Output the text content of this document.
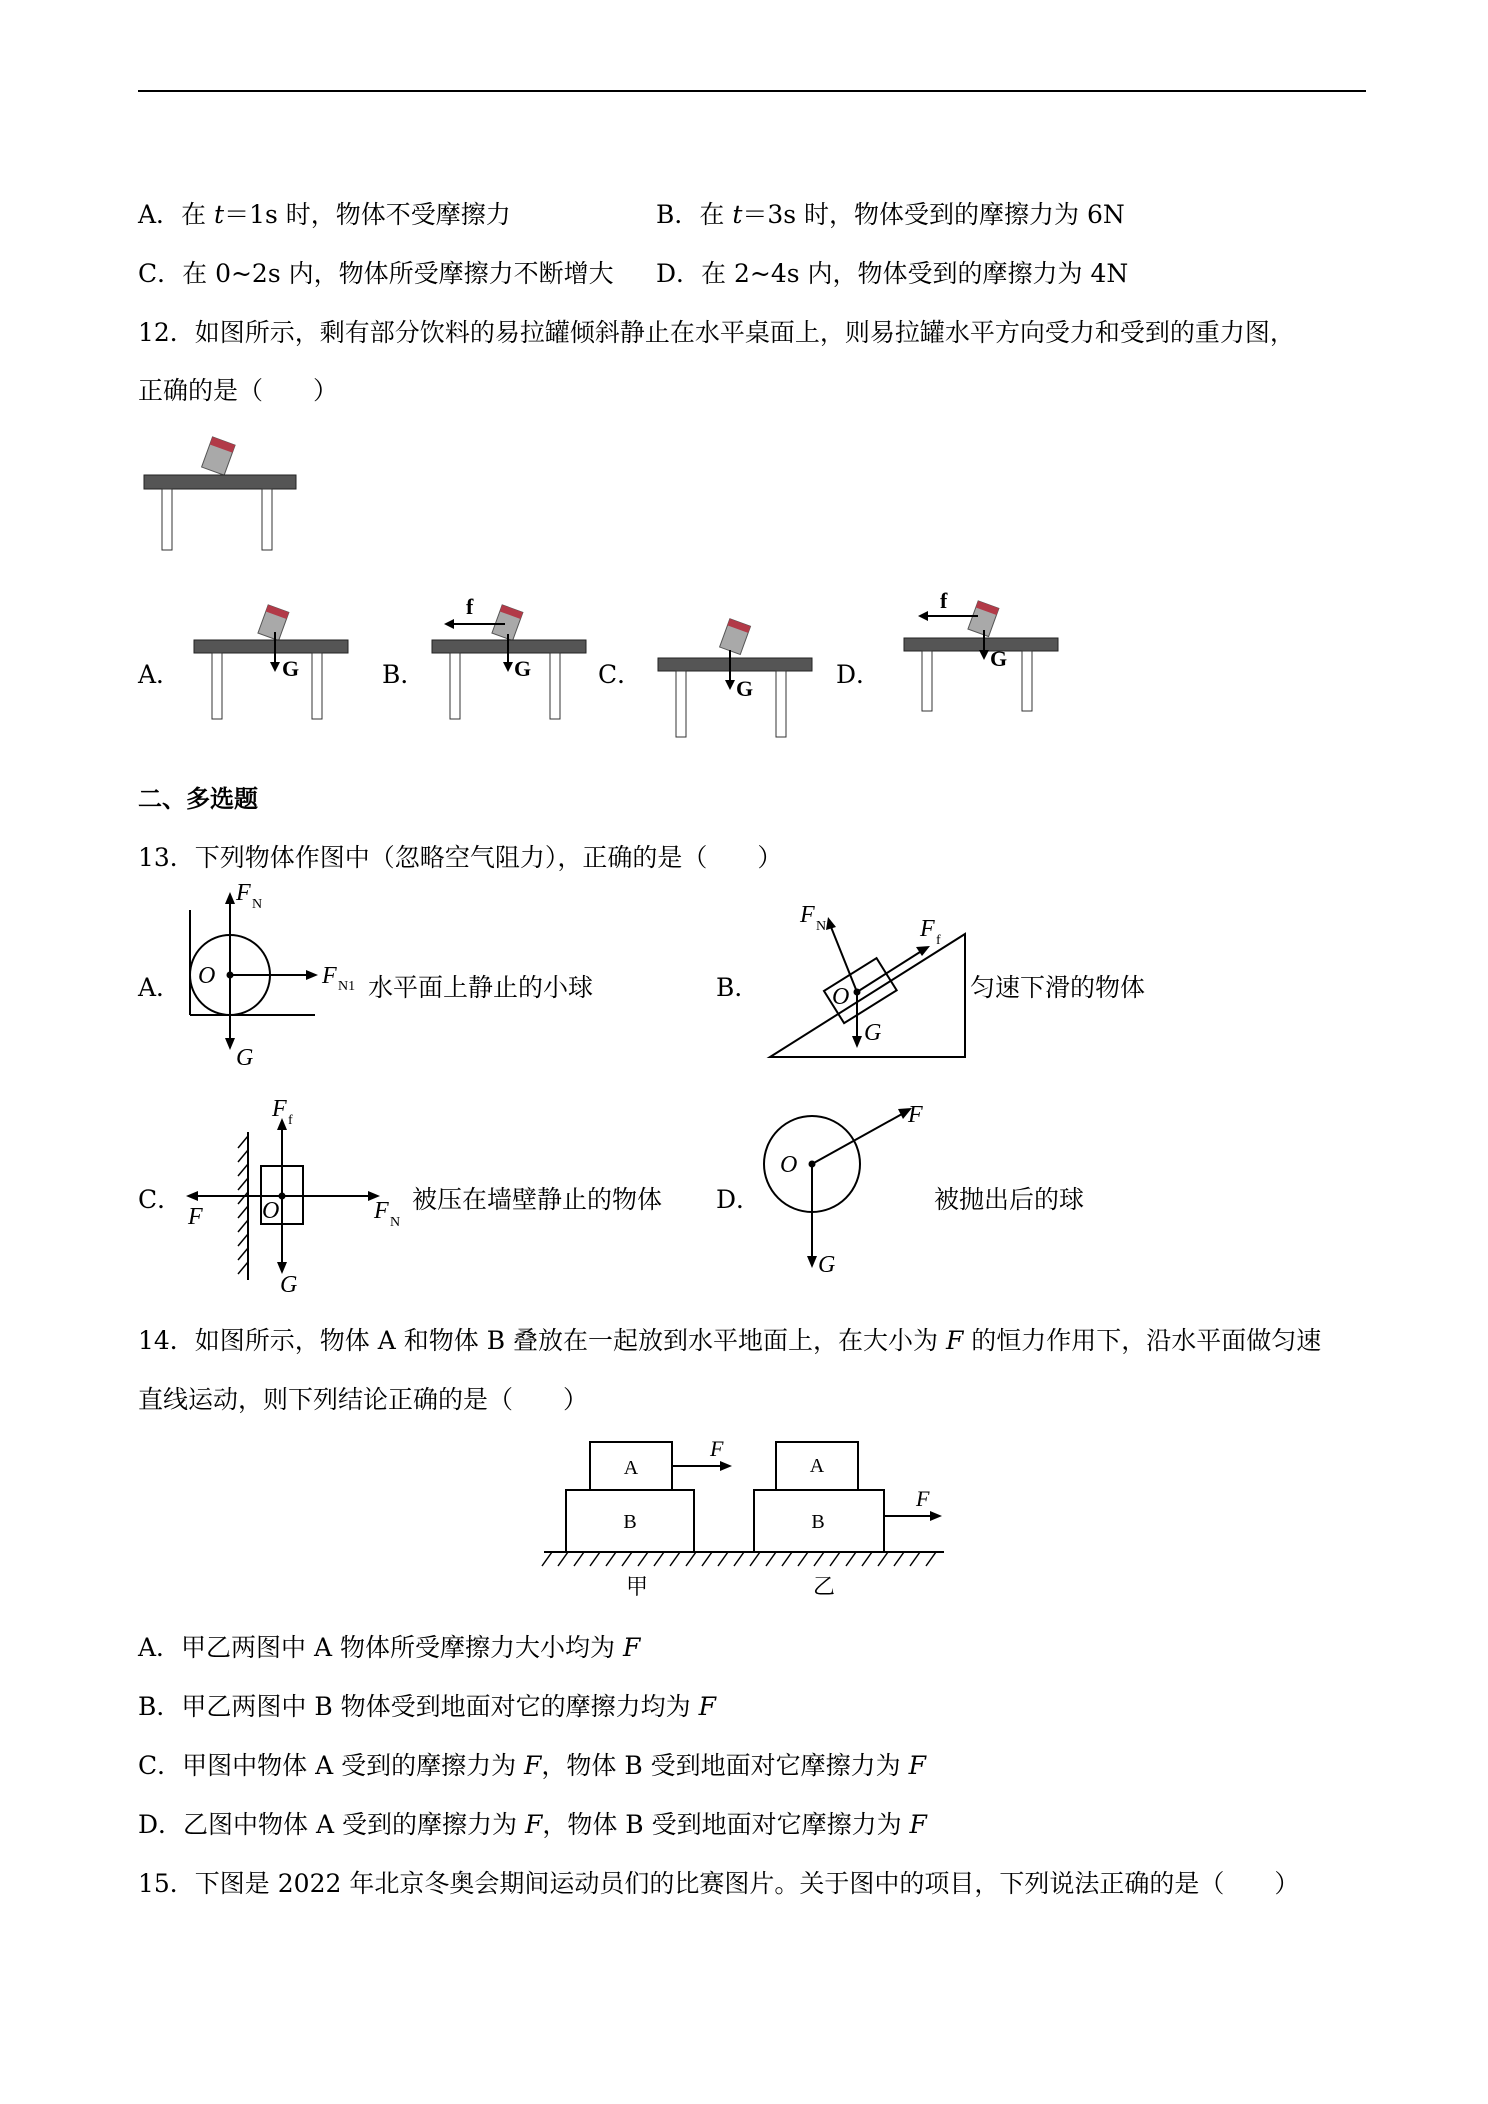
A．在 t＝1s 时，物体不受摩擦力	B．在 t＝3s 时，物体受到的摩擦力为 6N
C．在 0~2s 内，物体所受摩擦力不断增大 D．在 2~4s 内，物体受到的摩擦力为 4N
12．如图所示，剩有部分饮料的易拉罐倾斜静止在水平桌面上，则易拉罐水平方向受力和受到的重力图，
正确的是（　　）
A．	G	B．
f
G	C．	G	D．
f
G
二、多选题
13．下列物体作图中（忽略空气阻力），正确的是（　　）
A． O
F N
F N1
G
水平面上静止的小球	B．	O
F N	F f
G
匀速下滑的物体
C．	O
F f
F	F N
G
被压在墙壁静止的物体 D．
O
F
G
被抛出后的球
14．如图所示，物体 A 和物体 B 叠放在一起放到水平地面上，在大小为 F 的恒力作用下，沿水平面做匀速
直线运动，则下列结论正确的是（　　）
B
A
F
B
A
F
甲	乙
A．甲乙两图中 A 物体所受摩擦力大小均为 F
B．甲乙两图中 B 物体受到地面对它的摩擦力均为 F
C．甲图中物体 A 受到的摩擦力为 F，物体 B 受到地面对它摩擦力为 F
D．乙图中物体 A 受到的摩擦力为 F，物体 B 受到地面对它摩擦力为 F
15．下图是 2022 年北京冬奥会期间运动员们的比赛图片。关于图中的项目，下列说法正确的是（　　）
